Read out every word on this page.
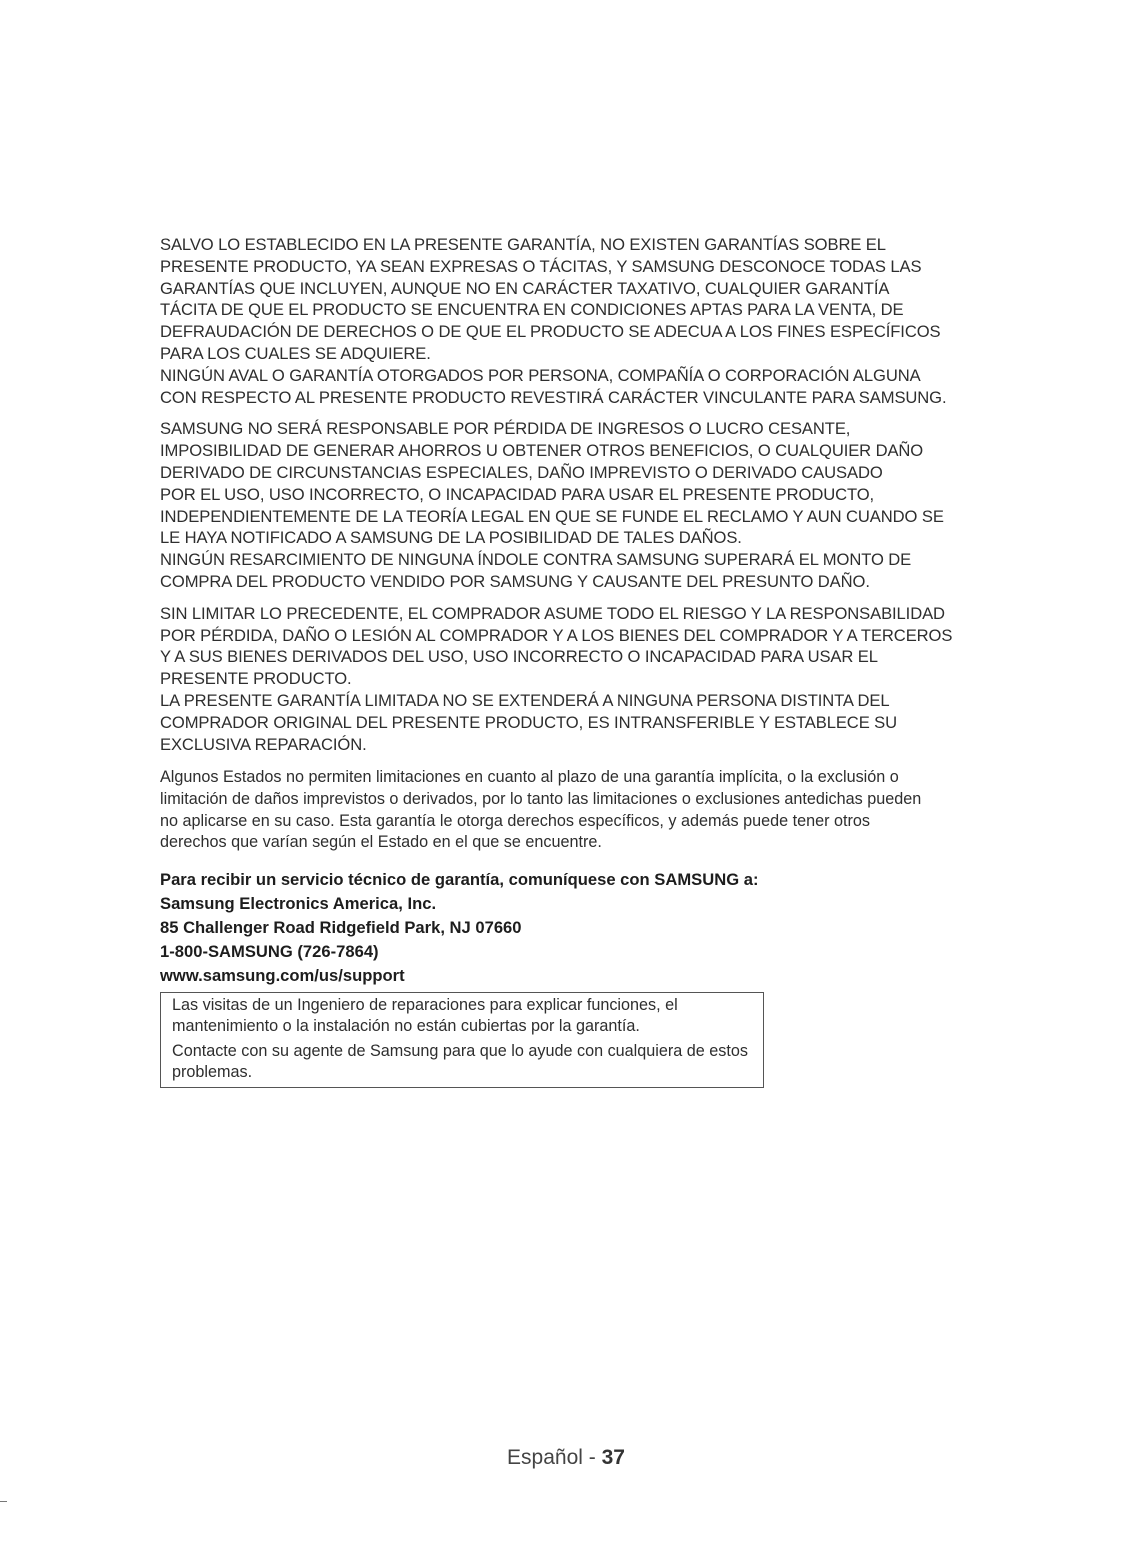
SALVO LO ESTABLECIDO EN LA PRESENTE GARANTÍA, NO EXISTEN GARANTÍAS SOBRE EL

PRESENTE PRODUCTO, YA SEAN EXPRESAS O TÁCITAS, Y SAMSUNG DESCONOCE TODAS LAS

GARANTÍAS QUE INCLUYEN, AUNQUE NO EN CARÁCTER TAXATIVO, CUALQUIER GARANTÍA

TÁCITA DE QUE EL PRODUCTO SE ENCUENTRA EN CONDICIONES APTAS PARA LA VENTA, DE

DEFRAUDACIÓN DE DERECHOS O DE QUE EL PRODUCTO SE ADECUA A LOS FINES ESPECÍFICOS

PARA LOS CUALES SE ADQUIERE.

NINGÚN AVAL O GARANTÍA OTORGADOS POR PERSONA, COMPAÑÍA O CORPORACIÓN ALGUNA

CON RESPECTO AL PRESENTE PRODUCTO REVESTIRÁ CARÁCTER VINCULANTE PARA SAMSUNG.

SAMSUNG NO SERÁ RESPONSABLE POR PÉRDIDA DE INGRESOS O LUCRO CESANTE,

IMPOSIBILIDAD DE GENERAR AHORROS U OBTENER OTROS BENEFICIOS, O CUALQUIER DAÑO

DERIVADO DE CIRCUNSTANCIAS ESPECIALES, DAÑO IMPREVISTO O DERIVADO CAUSADO

POR EL USO, USO INCORRECTO, O INCAPACIDAD PARA USAR EL PRESENTE PRODUCTO,

INDEPENDIENTEMENTE DE LA TEORÍA LEGAL EN QUE SE FUNDE EL RECLAMO Y AUN CUANDO SE

LE HAYA NOTIFICADO A SAMSUNG DE LA POSIBILIDAD DE TALES DAÑOS.

NINGÚN RESARCIMIENTO DE NINGUNA ÍNDOLE CONTRA SAMSUNG SUPERARÁ EL MONTO DE

COMPRA DEL PRODUCTO VENDIDO POR SAMSUNG Y CAUSANTE DEL PRESUNTO DAÑO.

SIN LIMITAR LO PRECEDENTE, EL COMPRADOR ASUME TODO EL RIESGO Y LA RESPONSABILIDAD

POR PÉRDIDA, DAÑO O LESIÓN AL COMPRADOR Y A LOS BIENES DEL COMPRADOR Y A TERCEROS

Y A SUS BIENES DERIVADOS DEL USO, USO INCORRECTO O INCAPACIDAD PARA USAR EL

PRESENTE PRODUCTO.

LA PRESENTE GARANTÍA LIMITADA NO SE EXTENDERÁ A NINGUNA PERSONA DISTINTA DEL

COMPRADOR ORIGINAL DEL PRESENTE PRODUCTO, ES INTRANSFERIBLE Y ESTABLECE SU

EXCLUSIVA REPARACIÓN.

Algunos Estados no permiten limitaciones en cuanto al plazo de una garantía implícita, o la exclusión o

limitación de daños imprevistos o derivados, por lo tanto las limitaciones o exclusiones antedichas pueden

no aplicarse en su caso. Esta garantía le otorga derechos específicos, y además puede tener otros

derechos que varían según el Estado en el que se encuentre.

Para recibir un servicio técnico de garantía, comuníquese con SAMSUNG a:

Samsung Electronics America, Inc.

85 Challenger Road Ridgefield Park, NJ 07660

1-800-SAMSUNG (726-7864)

www.samsung.com/us/support

Las visitas de un Ingeniero de reparaciones para explicar funciones, el mantenimiento o la instalación no están cubiertas por la garantía.

Contacte con su agente de Samsung para que lo ayude con cualquiera de estos problemas.

Español - 37
